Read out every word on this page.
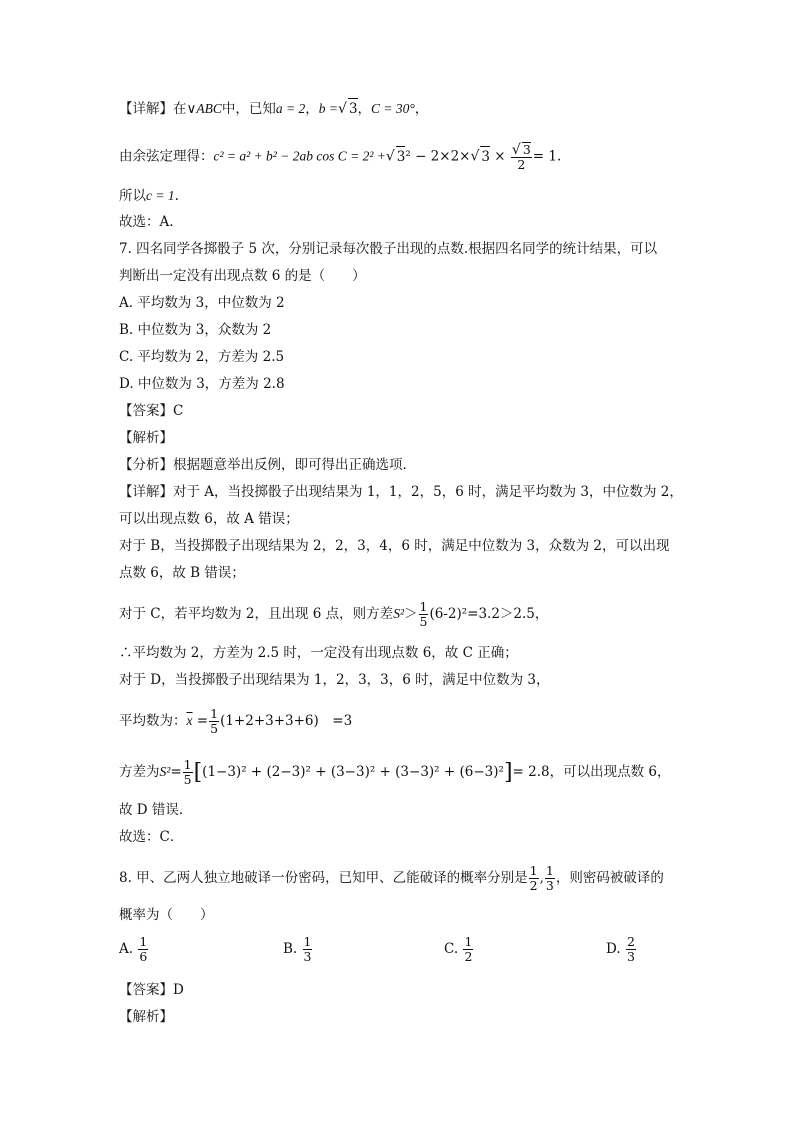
【详解】在∨ABC中，已知a = 2，b =√ 3，C = 30°，
由余弦定理得：c² = a² + b² − 2ab cos C = 2² +√ 3² − 2×2×√ $3 \times \frac{√ 3}{2} = 1$.
所以c = 1.
故选：A.
7. 四名同学各掷骰子 5 次，分别记录每次骰子出现的点数.根据四名同学的统计结果，可以
判断出一定没有出现点数 6 的是（　　）
A. 平均数为 3，中位数为 2
B. 中位数为 3，众数为 2
C. 平均数为 2，方差为 2.5
D. 中位数为 3，方差为 2.8
【答案】C
【解析】
【分析】根据题意举出反例，即可得出正确选项．
【详解】对于 A，当投掷骰子出现结果为 1，1，2，5，6 时，满足平均数为 3，中位数为 2，
可以出现点数 6，故 A 错误；
对于 B，当投掷骰子出现结果为 2，2，3，4，6 时，满足中位数为 3，众数为 2，可以出现
点数 6，故 B 错误；
对于 C，若平均数为 2，且出现 6 点，则方差$S^2> \frac{1}{5} (6-2)^2=3.2>2.5$，
∴平均数为 2，方差为 2.5 时，一定没有出现点数 6，故 C 正确；
对于 D，当投掷骰子出现结果为 1，2，3，3，6 时，满足中位数为 3，
平均数为：$\overline{x} = \frac{1}{5} (1+2+3+3+6)$　=3
方差为$S^2= \frac{1}{5} [(1-3)^2 + (2-3)^2 + (3-3)^2 + (3-3)^2 + (6-3)^2]= 2.8$，可以出现点数 6，
故 D 错误．
故选：C．
8. 甲、乙两人独立地破译一份密码，已知甲、乙能破译的概率分别是 $\frac{1}{2}$ , $\frac{1}{3}$ ，则密码被破译的
概率为（　　）
A. $\frac{1}{6}$	B. $\frac{1}{3}$	C. $\frac{1}{2}$	D. $\frac{2}{3}$
【答案】D
【解析】
